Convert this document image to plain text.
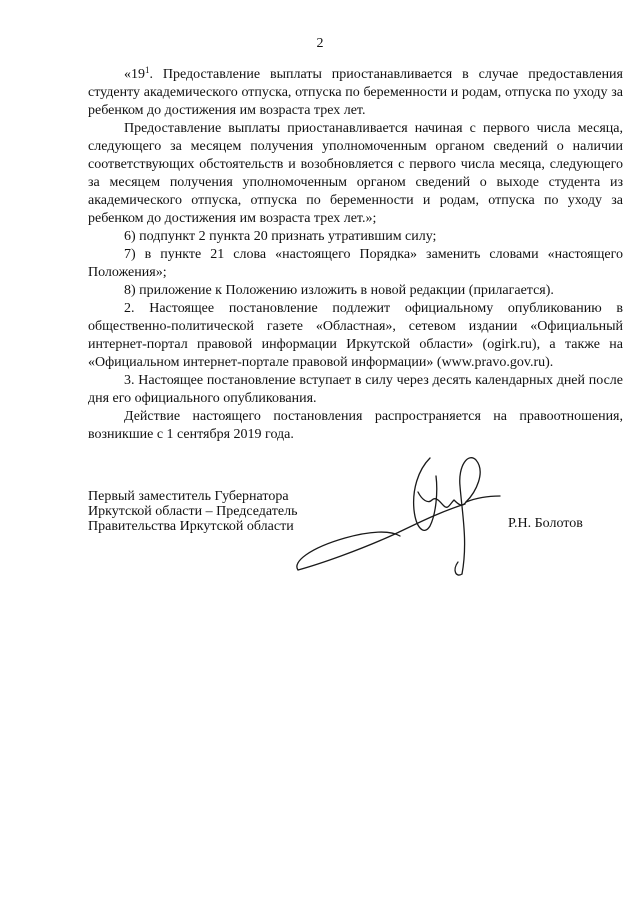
2

«$19^1$. Предоставление выплаты приостанавливается в случае предоставления студенту академического отпуска, отпуска по беременности и родам, отпуска по уходу за ребенком до достижения им возраста трех лет.

Предоставление выплаты приостанавливается начиная с первого числа месяца, следующего за месяцем получения уполномоченным органом сведений о наличии соответствующих обстоятельств и возобновляется с первого числа месяца, следующего за месяцем получения уполномоченным органом сведений о выходе студента из академического отпуска, отпуска по беременности и родам, отпуска по уходу за ребенком до достижения им возраста трех лет.»;

6) подпункт 2 пункта 20 признать утратившим силу;

7) в пункте 21 слова «настоящего Порядка» заменить словами «настоящего Положения»;

8) приложение к Положению изложить в новой редакции (прилагается).

2. Настоящее постановление подлежит официальному опубликованию в общественно-политической газете «Областная», сетевом издании «Официальный интернет-портал правовой информации Иркутской области» (ogirk.ru), а также на «Официальном интернет-портале правовой информации» (www.pravo.gov.ru).

3. Настоящее постановление вступает в силу через десять календарных дней после дня его официального опубликования.

Действие настоящего постановления распространяется на правоотношения, возникшие с 1 сентября 2019 года.

Первый заместитель Губернатора
Иркутской области – Председатель
Правительства Иркутской области	Р.Н. Болотов
